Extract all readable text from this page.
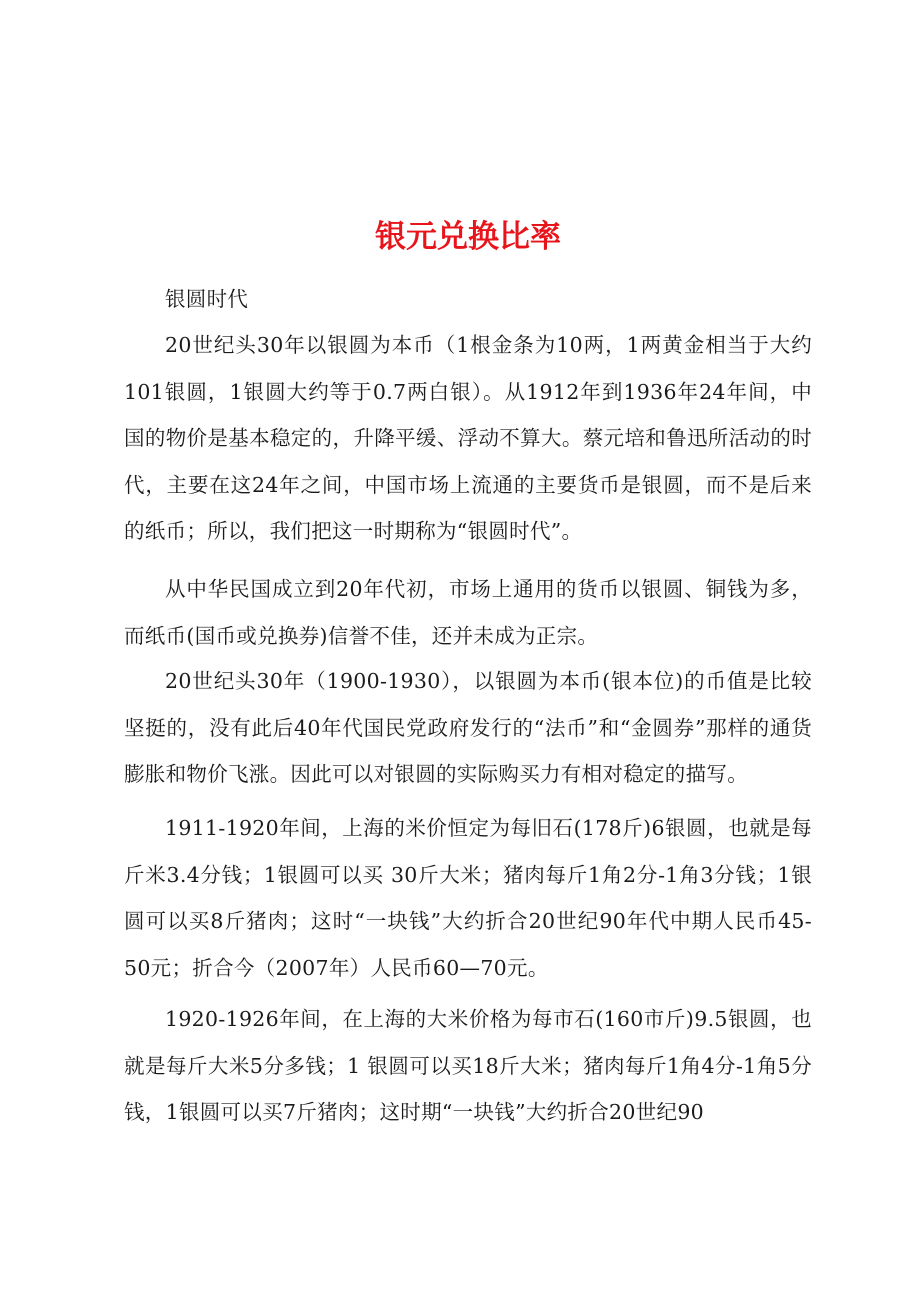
银元兑换比率

银圆时代

20世纪头30年以银圆为本币（1根金条为10两，1两黄金相当于大约101银圆，1银圆大约等于0.7两白银）。从1912年到1936年24年间，中国的物价是基本稳定的，升降平缓、浮动不算大。蔡元培和鲁迅所活动的时代，主要在这24年之间，中国市场上流通的主要货币是银圆，而不是后来的纸币；所以，我们把这一时期称为“银圆时代”。

从中华民国成立到20年代初，市场上通用的货币以银圆、铜钱为多，而纸币(国币或兑换券)信誉不佳，还并未成为正宗。

20世纪头30年（1900-1930），以银圆为本币(银本位)的币值是比较坚挺的，没有此后40年代国民党政府发行的“法币”和“金圆券”那样的通货膨胀和物价飞涨。因此可以对银圆的实际购买力有相对稳定的描写。

1911-1920年间，上海的米价恒定为每旧石(178斤)6银圆，也就是每斤米3.4分钱；1银圆可以买 30斤大米；猪肉每斤1角2分-1角3分钱；1银圆可以买8斤猪肉；这时“一块钱”大约折合20世纪90年代中期人民币45-50元；折合今（2007年）人民币60—70元。

1920-1926年间，在上海的大米价格为每市石(160市斤)9.5银圆，也就是每斤大米5分多钱；1 银圆可以买18斤大米；猪肉每斤1角4分-1角5分钱，1银圆可以买7斤猪肉；这时期“一块钱”大约折合20世纪90
